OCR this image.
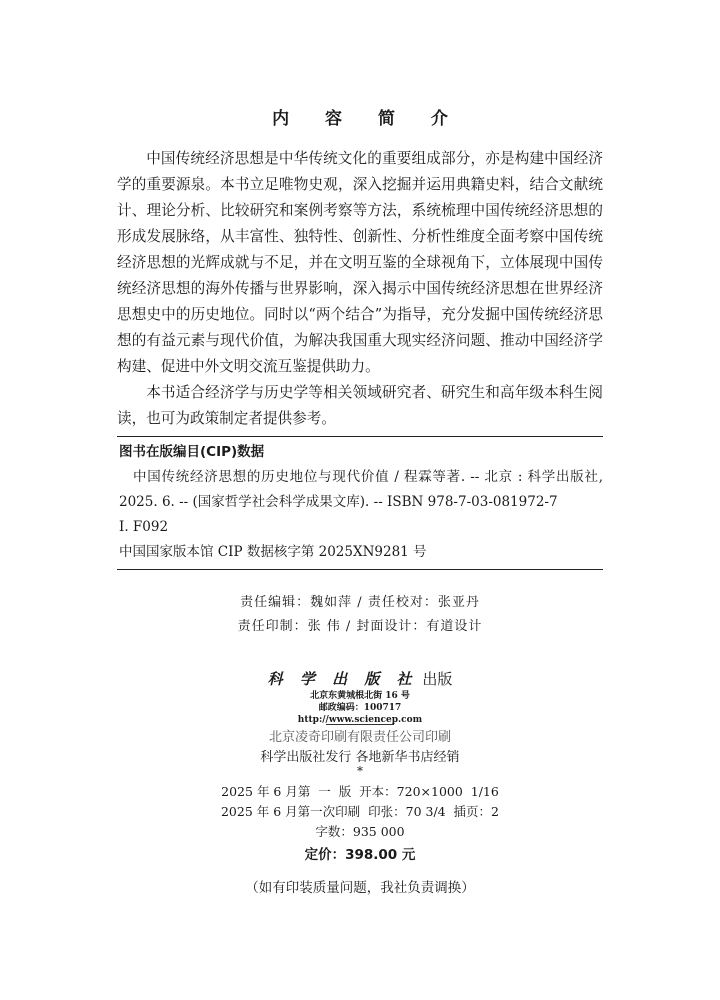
内 容 简 介

中国传统经济思想是中华传统文化的重要组成部分，亦是构建中国经济学的重要源泉。本书立足唯物史观，深入挖掘并运用典籍史料，结合文献统计、理论分析、比较研究和案例考察等方法，系统梳理中国传统经济思想的形成发展脉络，从丰富性、独特性、创新性、分析性维度全面考察中国传统经济思想的光辉成就与不足，并在文明互鉴的全球视角下，立体展现中国传统经济思想的海外传播与世界影响，深入揭示中国传统经济思想在世界经济思想史中的历史地位。同时以“两个结合”为指导，充分发掘中国传统经济思想的有益元素与现代价值，为解决我国重大现实经济问题、推动中国经济学构建、促进中外文明交流互鉴提供助力。

本书适合经济学与历史学等相关领域研究者、研究生和高年级本科生阅读，也可为政策制定者提供参考。

图书在版编目(CIP)数据
中国传统经济思想的历史地位与现代价值 / 程霖等著. -- 北京 : 科学出版社, 2025. 6. -- (国家哲学社会科学成果文库). -- ISBN 978-7-03-081972-7
Ⅰ. F092
中国国家版本馆 CIP 数据核字第 2025XN9281 号
责任编辑：魏如萍 / 责任校对：张亚丹
责任印制：张 伟 / 封面设计：有道设计
科 学 出 版 社 出版
北京东黄城根北街 16 号
邮政编码：100717
http://www.sciencep.com
北京凌奇印刷有限责任公司印刷
科学出版社发行 各地新华书店经销
*
2025 年 6 月第  一  版  开本：720×1000  1/16
2025 年 6 月第一次印刷  印张：70 3/4  插页：2
字数：935 000
定价：398.00 元
（如有印装质量问题，我社负责调换）
